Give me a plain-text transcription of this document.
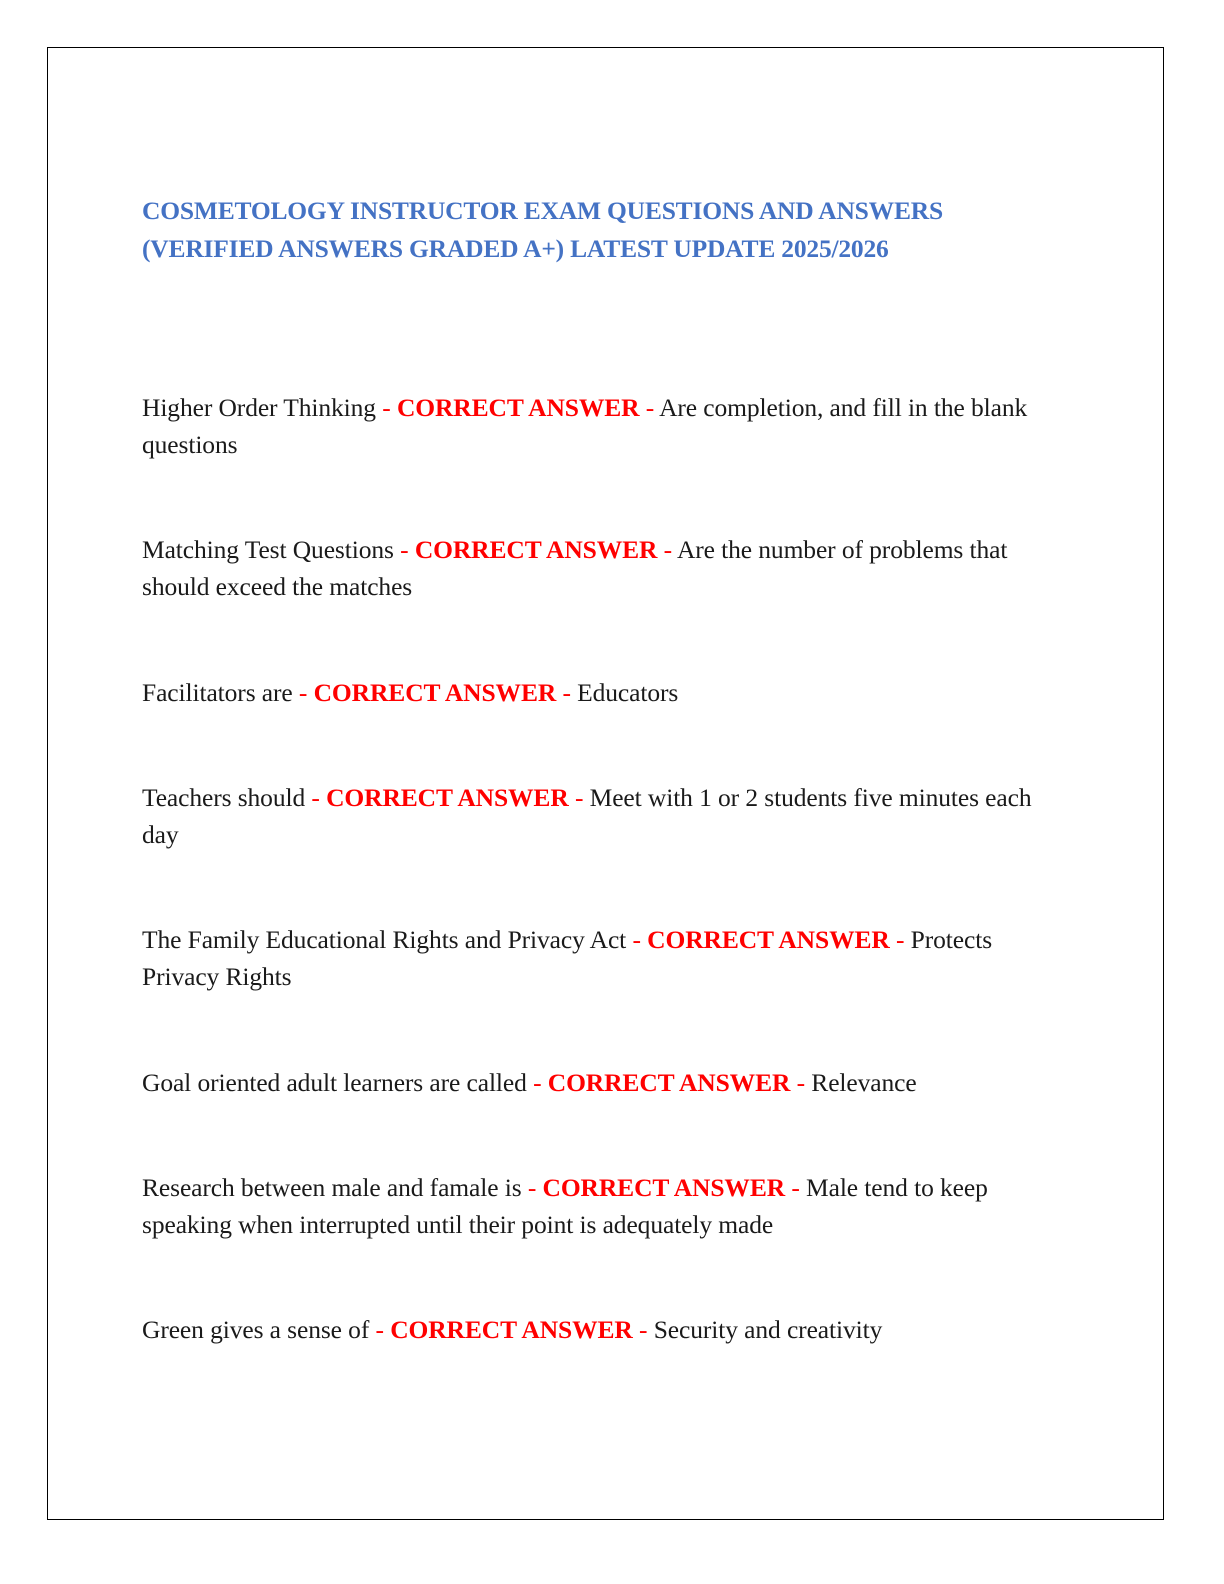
COSMETOLOGY INSTRUCTOR EXAM QUESTIONS AND ANSWERS
(VERIFIED ANSWERS GRADED A+) LATEST UPDATE 2025/2026
Higher Order Thinking - CORRECT ANSWER - Are completion, and fill in the blank questions
Matching Test Questions - CORRECT ANSWER - Are the number of problems that should exceed the matches
Facilitators are - CORRECT ANSWER - Educators
Teachers should - CORRECT ANSWER - Meet with 1 or 2 students five minutes each day
The Family Educational Rights and Privacy Act - CORRECT ANSWER - Protects Privacy Rights
Goal oriented adult learners are called - CORRECT ANSWER - Relevance
Research between male and famale is - CORRECT ANSWER - Male tend to keep speaking when interrupted until their point is adequately made
Green gives a sense of - CORRECT ANSWER - Security and creativity
